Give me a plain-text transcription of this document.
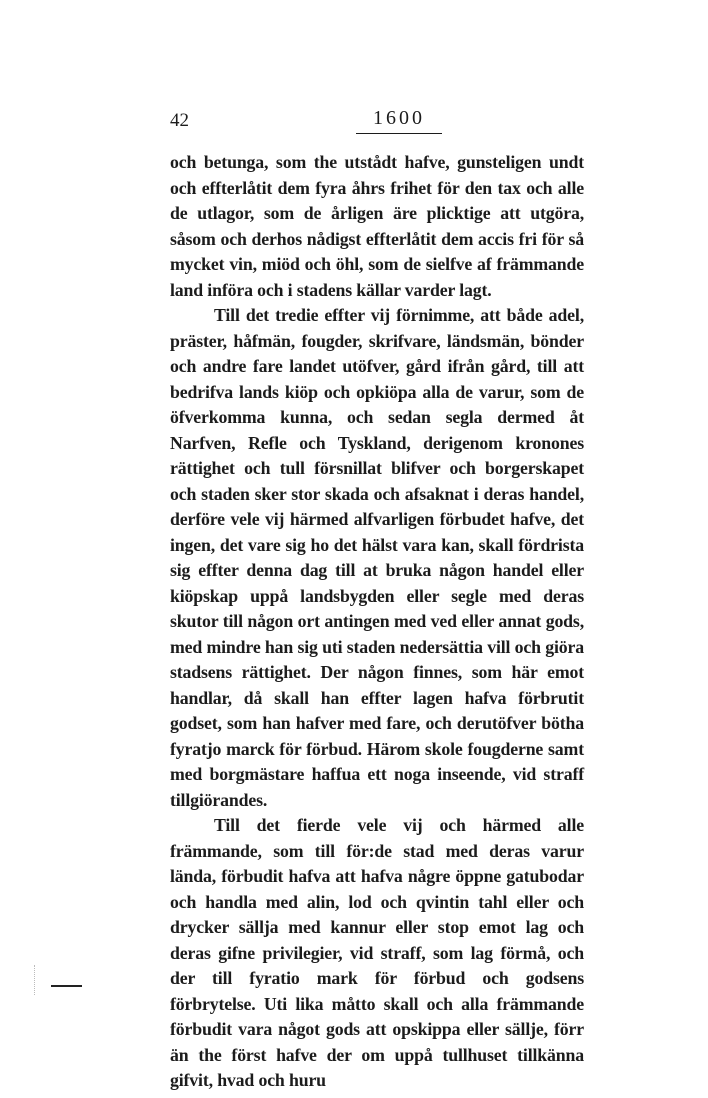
42	1600

och betunga, som the utstådt hafve, gunsteligen undt och effterlåtit dem fyra åhrs frihet för den tax och alle de utlagor, som de årligen äre plicktige att utgöra, såsom och derhos nådigst effterlåtit dem accis fri för så mycket vin, miöd och öhl, som de sielfve af främmande land införa och i stadens källar varder lagt.

Till det tredie effter vij förnimme, att både adel, präster, håfmän, fougder, skrifvare, ländsmän, bönder och andre fare landet utöfver, gård ifrån gård, till att bedrifva lands kiöp och opkiöpa alla de varur, som de öfverkomma kunna, och sedan segla dermed åt Narfven, Refle och Tyskland, derigenom kronones rättighet och tull försnillat blifver och borgerskapet och staden sker stor skada och afsaknat i deras handel, derföre vele vij härmed alfvarligen förbudet hafve, det ingen, det vare sig ho det hälst vara kan, skall fördrista sig effter denna dag till at bruka någon handel eller kiöpskap uppå landsbygden eller segle med deras skutor till någon ort antingen med ved eller annat gods, med mindre han sig uti staden nedersättia vill och giöra stadsens rättighet. Der någon finnes, som här emot handlar, då skall han effter lagen hafva förbrutit godset, som han hafver med fare, och derutöfver bötha fyratjo marck för förbud. Härom skole fougderne samt med borgmästare haffua ett noga inseende, vid straff tillgiörandes.

Till det fierde vele vij och härmed alle främmande, som till för:de stad med deras varur lända, förbudit hafva att hafva någre öppne gatubodar och handla med alin, lod och qvintin tahl eller och drycker sällja med kannur eller stop emot lag och deras gifne privilegier, vid straff, som lag förmå, och der till fyratio mark för förbud och godsens förbrytelse. Uti lika måtto skall och alla främmande förbudit vara något gods att opskippa eller sällje, förr än the först hafve der om uppå tullhuset tillkänna gifvit, hvad och huru
